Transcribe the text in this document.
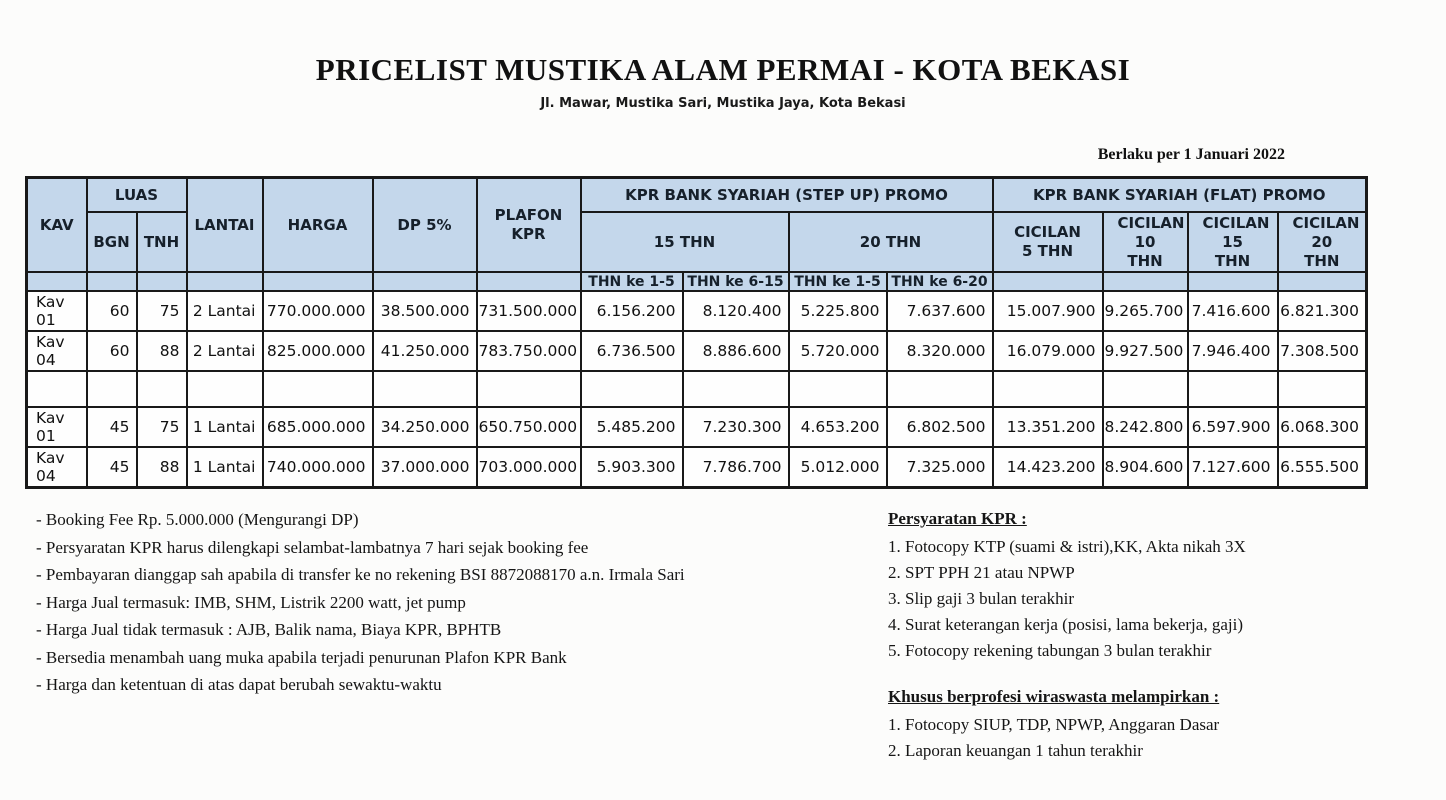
PRICELIST MUSTIKA ALAM PERMAI - KOTA BEKASI
Jl. Mawar, Mustika Sari, Mustika Jaya, Kota Bekasi
Berlaku per 1 Januari 2022
KAV	LUAS		LANTAI	HARGA	DP 5%	PLAFON KPR	KPR BANK SYARIAH (STEP UP) PROMO				KPR BANK SYARIAH (FLAT) PROMO			
	BGN	TNH					15 THN		20 THN		CICILAN 5 THN	CICILAN 10 THN	CICILAN 15 THN	CICILAN 20 THN
							THN ke 1-5	THN ke 6-15	THN ke 1-5	THN ke 6-20				
Kav 01	60	75	2 Lantai	770.000.000	38.500.000	731.500.000	6.156.200	8.120.400	5.225.800	7.637.600	15.007.900	9.265.700	7.416.600	6.821.300
Kav 04	60	88	2 Lantai	825.000.000	41.250.000	783.750.000	6.736.500	8.886.600	5.720.000	8.320.000	16.079.000	9.927.500	7.946.400	7.308.500

Kav 01	45	75	1 Lantai	685.000.000	34.250.000	650.750.000	5.485.200	7.230.300	4.653.200	6.802.500	13.351.200	8.242.800	6.597.900	6.068.300
Kav 04	45	88	1 Lantai	740.000.000	37.000.000	703.000.000	5.903.300	7.786.700	5.012.000	7.325.000	14.423.200	8.904.600	7.127.600	6.555.500
- Booking Fee Rp. 5.000.000 (Mengurangi DP)
- Persyaratan KPR harus dilengkapi selambat-lambatnya 7 hari sejak booking fee
- Pembayaran dianggap sah apabila di transfer ke no rekening BSI 8872088170 a.n. Irmala Sari
- Harga Jual termasuk: IMB, SHM, Listrik 2200 watt, jet pump
- Harga Jual tidak termasuk : AJB, Balik nama, Biaya KPR, BPHTB
- Bersedia menambah uang muka apabila terjadi penurunan Plafon KPR Bank
- Harga dan ketentuan di atas dapat berubah sewaktu-waktu
Persyaratan KPR :
1. Fotocopy KTP (suami & istri),KK, Akta nikah 3X
2. SPT PPH 21 atau NPWP
3. Slip gaji 3 bulan terakhir
4. Surat keterangan kerja (posisi, lama bekerja, gaji)
5. Fotocopy rekening tabungan 3 bulan terakhir
Khusus berprofesi wiraswasta melampirkan :
1. Fotocopy SIUP, TDP, NPWP, Anggaran Dasar
2. Laporan keuangan 1 tahun terakhir
